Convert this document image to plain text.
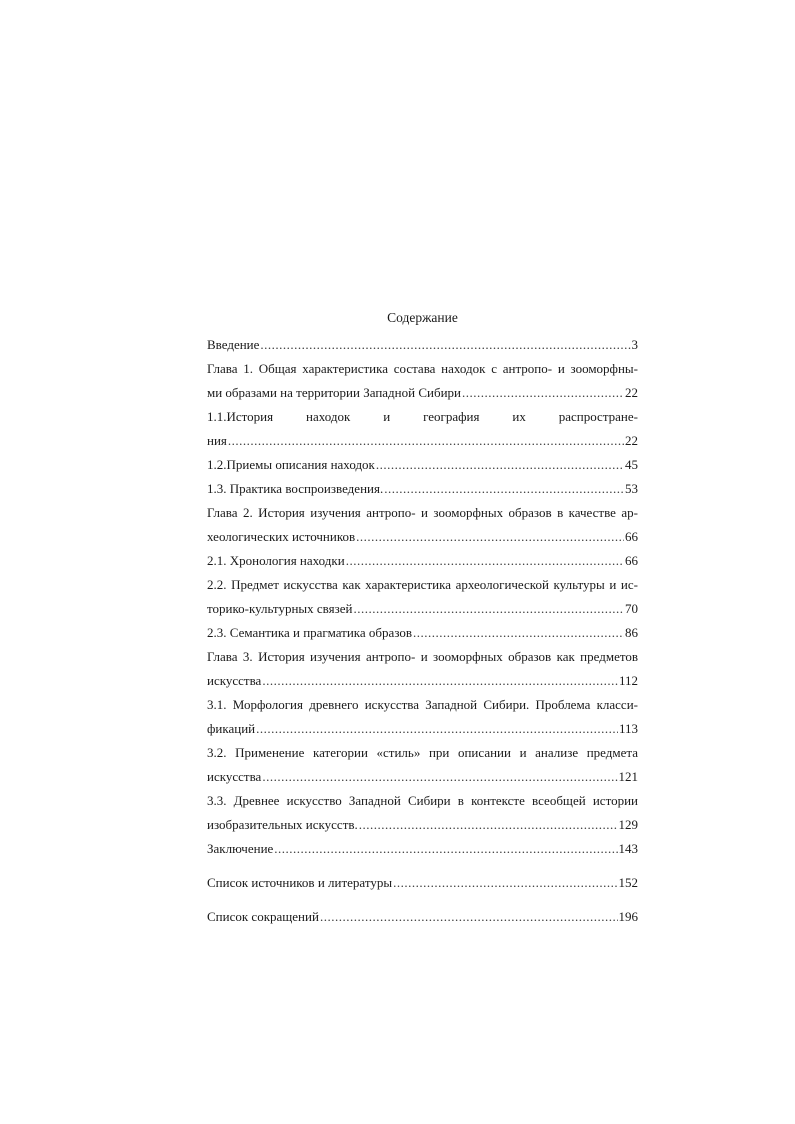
Содержание
Введение .....	3
Глава 1. Общая характеристика состава находок с антропо- и зооморфны-
ми образами на территории Западной Сибири .....	22
1.1.История находок и география их распростране-
ния .....	22
1.2.Приемы описания находок .....	45
1.3. Практика воспроизведения. .....	53
Глава 2. История изучения антропо- и зооморфных образов в качестве ар-
хеологических источников .....	66
2.1. Хронология находки .....	66
2.2. Предмет искусства как характеристика археологической культуры и ис-
торико-культурных связей .....	70
2.3. Семантика и прагматика образов .....	86
Глава 3. История изучения антропо- и зооморфных образов как предметов
искусства .....	112
3.1. Морфология древнего искусства Западной Сибири. Проблема класси-
фикаций .....	113
3.2. Применение категории «стиль» при описании и анализе предмета
искусства .....	121
3.3. Древнее искусство Западной Сибири в контексте всеобщей истории
изобразительных искусств. .....	129
Заключение .....	143
Список источников и литературы .....	152
Список сокращений .....	196
